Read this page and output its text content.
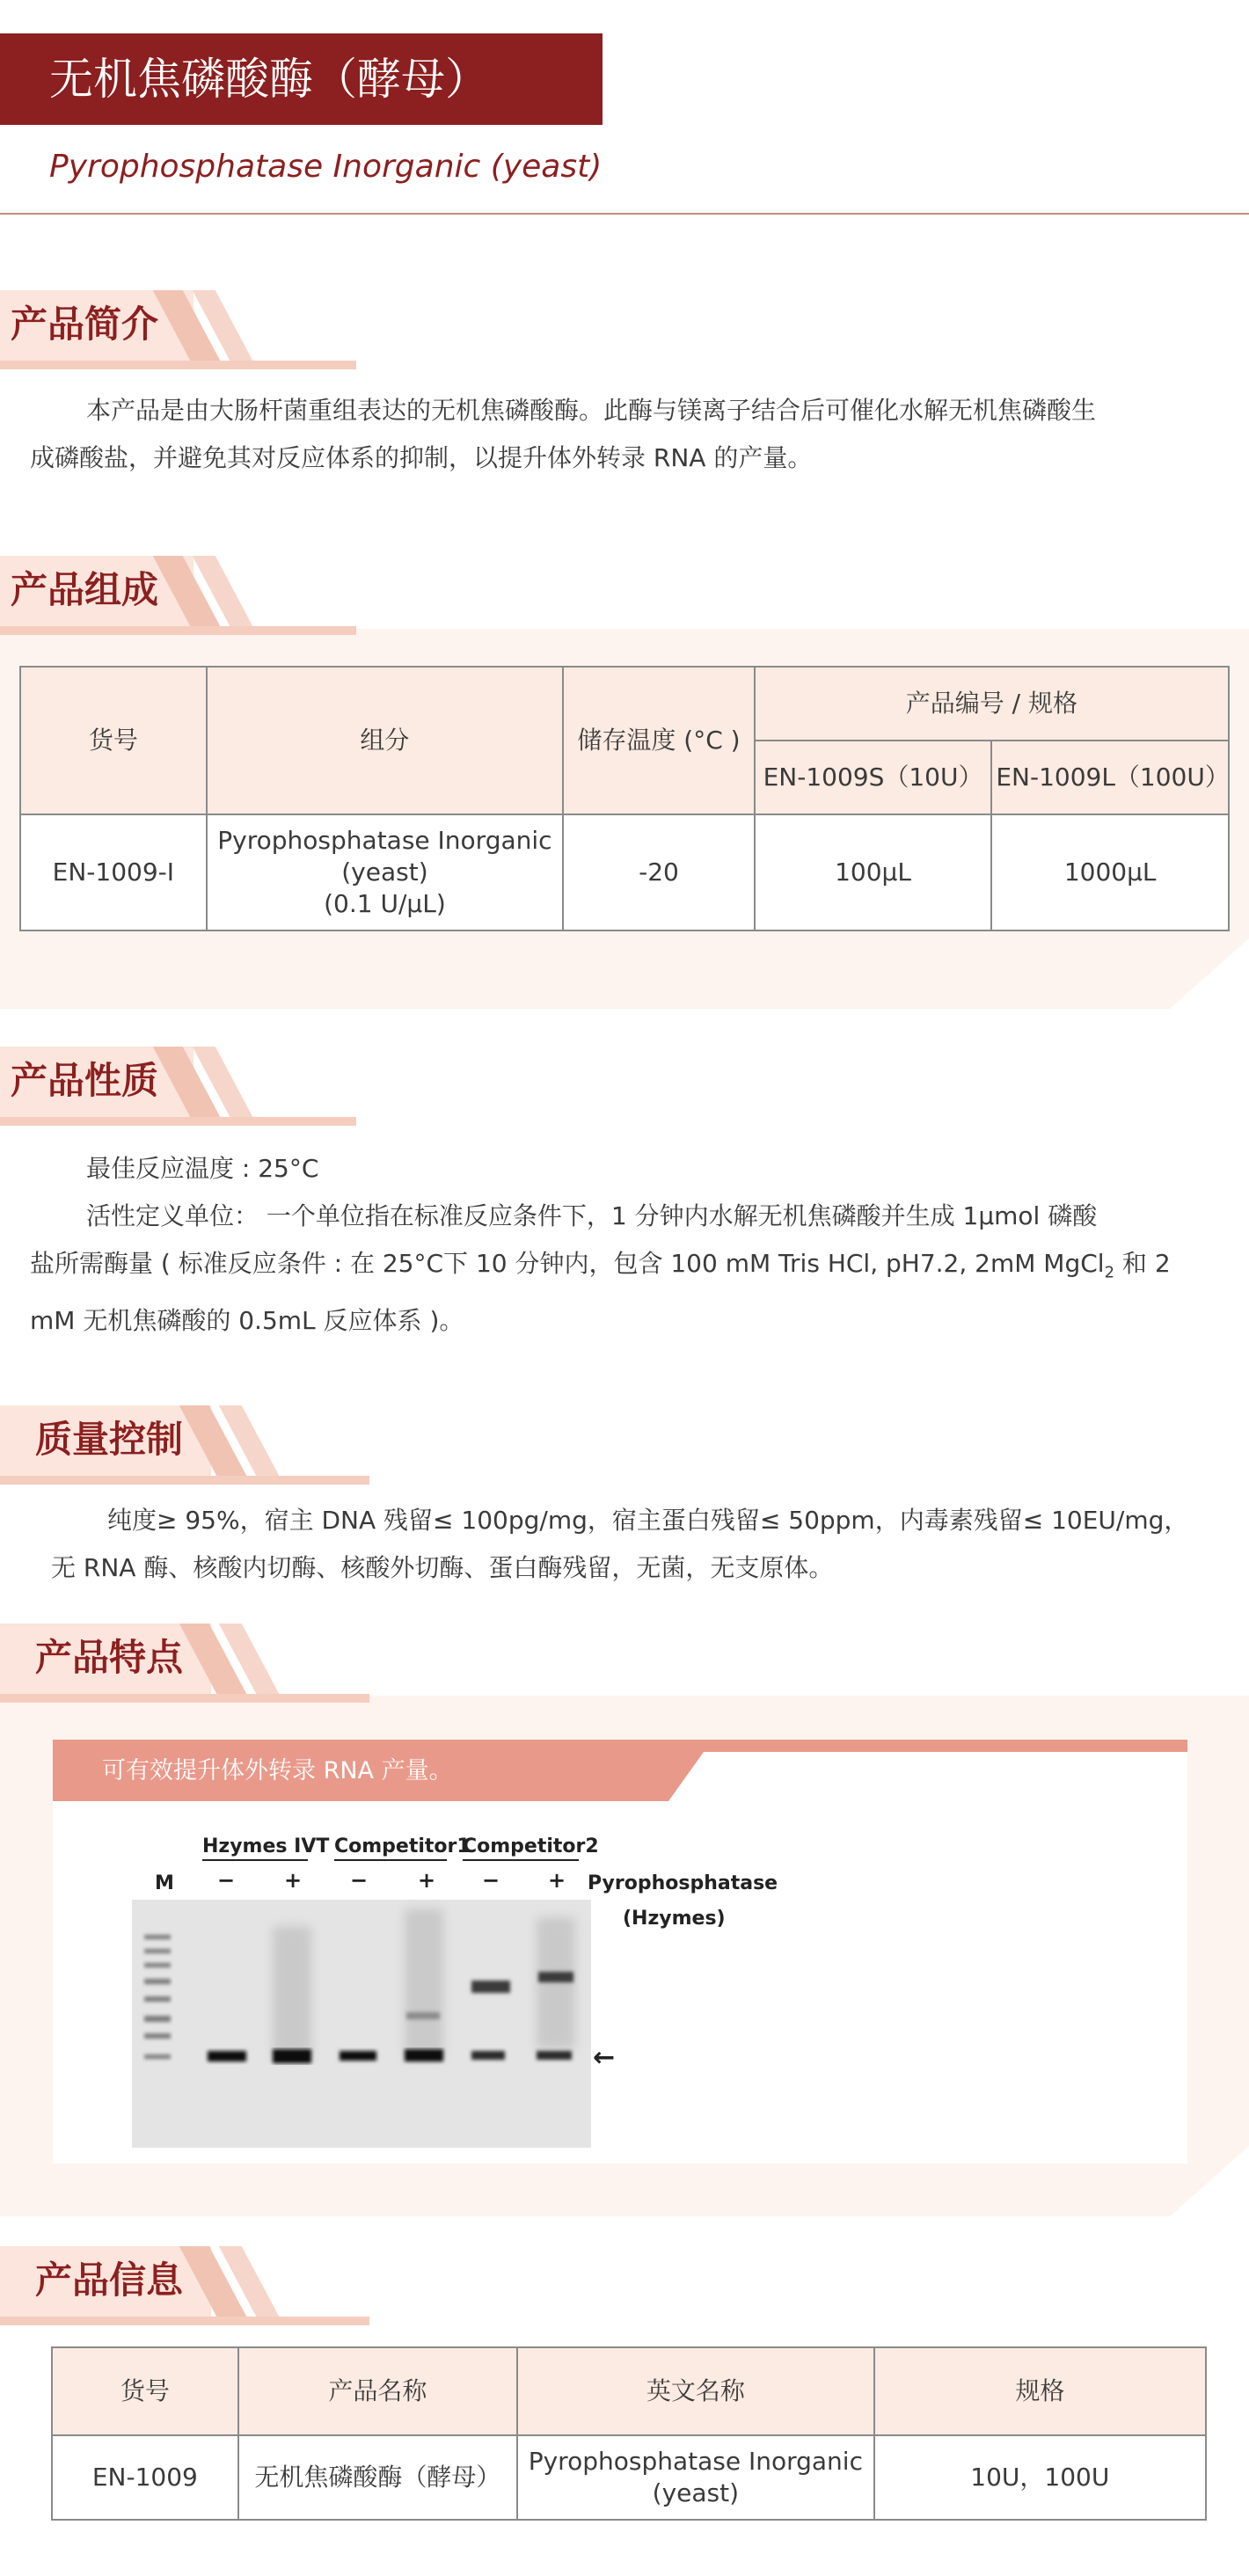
无机焦磷酸酶（酵母）
Pyrophosphatase Inorganic (yeast)
产品简介
本产品是由大肠杆菌重组表达的无机焦磷酸酶。此酶与镁离子结合后可催化水解无机焦磷酸生
成磷酸盐，并避免其对反应体系的抑制，以提升体外转录 RNA 的产量。
产品组成
货号	组分	储存温度 (°C )	产品编号 / 规格	
			EN-1009S（10U）	EN-1009L（100U）
EN-1009-I	Pyrophosphatase Inorganic
(yeast)
(0.1 U/µL)	-20	100µL	1000µL
产品性质
最佳反应温度 : 25°C
活性定义单位： 一个单位指在标准反应条件下，1 分钟内水解无机焦磷酸并生成 1µmol 磷酸
盐所需酶量 ( 标准反应条件 : 在 25°C下 10 分钟内，包含 100 mM Tris HCl, pH7.2, 2mM MgCl$_2$ 和 2
mM 无机焦磷酸的 0.5mL 反应体系 )。
质量控制
纯度≥ 95%，宿主 DNA 残留≤ 100pg/mg，宿主蛋白残留≤ 50ppm，内毒素残留≤ 10EU/mg，
无 RNA 酶、核酸内切酶、核酸外切酶、蛋白酶残留，无菌，无支原体。
产品特点
可有效提升体外转录 RNA 产量。
Hzymes IVT Competitor1
Competitor2
M − + − + − + Pyrophosphatase
(Hzymes)
←
产品信息
货号	产品名称	英文名称	规格
EN-1009	无机焦磷酸酶（酵母）	Pyrophosphatase Inorganic
(yeast)	10U，100U
